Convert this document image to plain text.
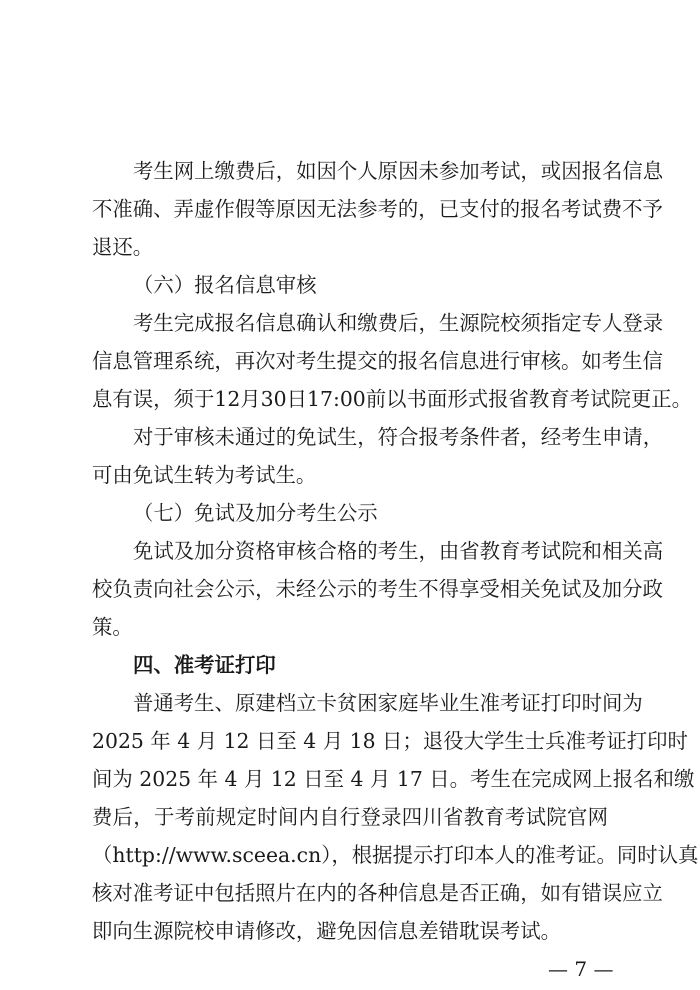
考生网上缴费后，如因个人原因未参加考试，或因报名信息
不准确、弄虚作假等原因无法参考的，已支付的报名考试费不予
退还。
（六）报名信息审核
考生完成报名信息确认和缴费后，生源院校须指定专人登录
信息管理系统，再次对考生提交的报名信息进行审核。如考生信
息有误，须于12月30日17:00前以书面形式报省教育考试院更正。
对于审核未通过的免试生，符合报考条件者，经考生申请，
可由免试生转为考试生。
（七）免试及加分考生公示
免试及加分资格审核合格的考生，由省教育考试院和相关高
校负责向社会公示，未经公示的考生不得享受相关免试及加分政
策。
四、准考证打印
普通考生、原建档立卡贫困家庭毕业生准考证打印时间为
2025 年 4 月 12 日至 4 月 18 日；退役大学生士兵准考证打印时
间为 2025 年 4 月 12 日至 4 月 17 日。考生在完成网上报名和缴
费后，于考前规定时间内自行登录四川省教育考试院官网
（http://www.sceea.cn），根据提示打印本人的准考证。同时认真
核对准考证中包括照片在内的各种信息是否正确，如有错误应立
即向生源院校申请修改，避免因信息差错耽误考试。
— 7 —
